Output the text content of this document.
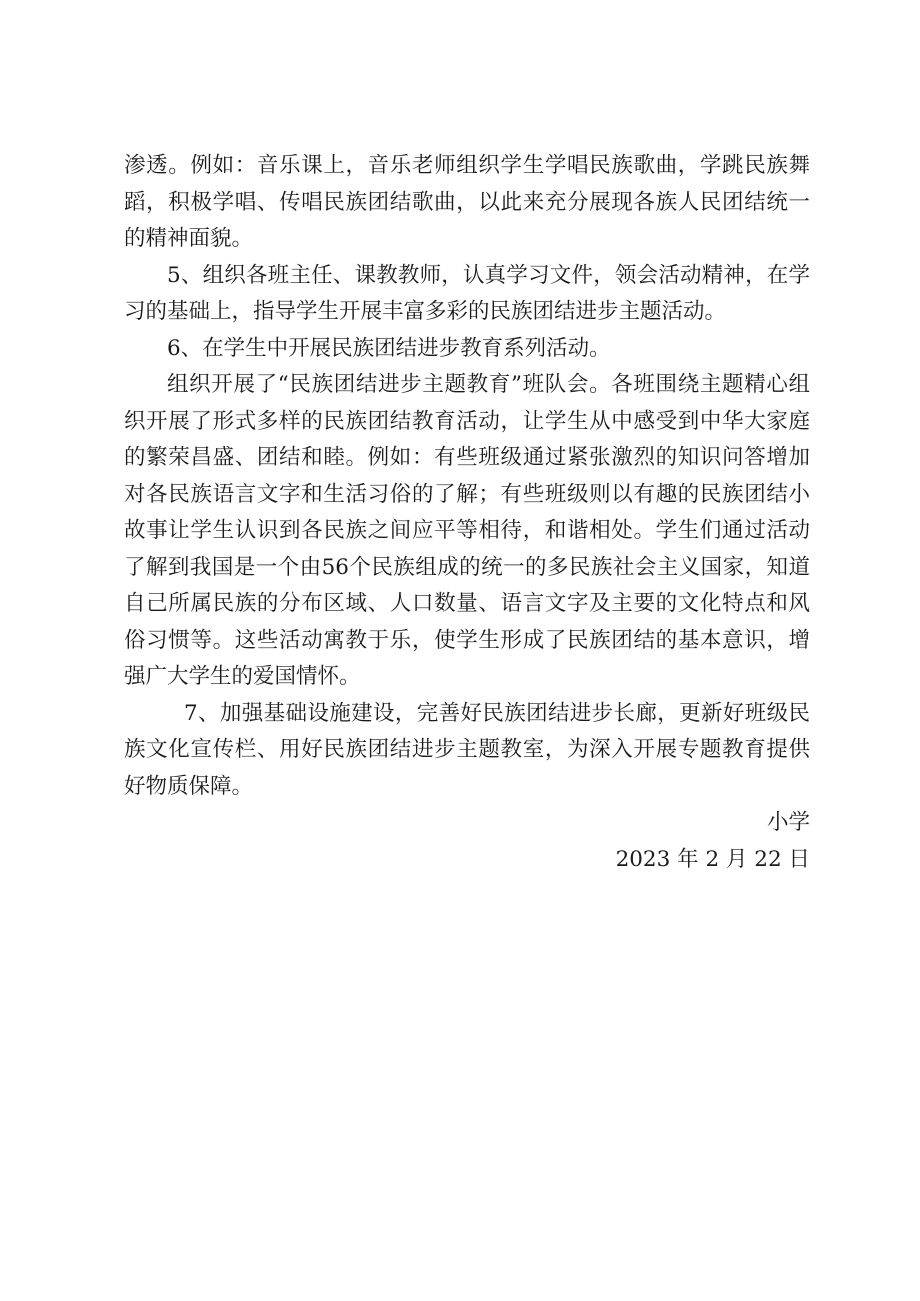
渗透。例如：音乐课上，音乐老师组织学生学唱民族歌曲，学跳民族舞蹈，积极学唱、传唱民族团结歌曲，以此来充分展现各族人民团结统一的精神面貌。

5、组织各班主任、课教教师，认真学习文件，领会活动精神，在学习的基础上，指导学生开展丰富多彩的民族团结进步主题活动。

6、在学生中开展民族团结进步教育系列活动。

组织开展了“民族团结进步主题教育”班队会。各班围绕主题精心组织开展了形式多样的民族团结教育活动，让学生从中感受到中华大家庭的繁荣昌盛、团结和睦。例如：有些班级通过紧张激烈的知识问答增加对各民族语言文字和生活习俗的了解；有些班级则以有趣的民族团结小故事让学生认识到各民族之间应平等相待，和谐相处。学生们通过活动了解到我国是一个由56个民族组成的统一的多民族社会主义国家，知道自己所属民族的分布区域、人口数量、语言文字及主要的文化特点和风俗习惯等。这些活动寓教于乐，使学生形成了民族团结的基本意识，增强广大学生的爱国情怀。

7、加强基础设施建设，完善好民族团结进步长廊，更新好班级民族文化宣传栏、用好民族团结进步主题教室，为深入开展专题教育提供好物质保障。

小学

2023 年 2 月 22 日
